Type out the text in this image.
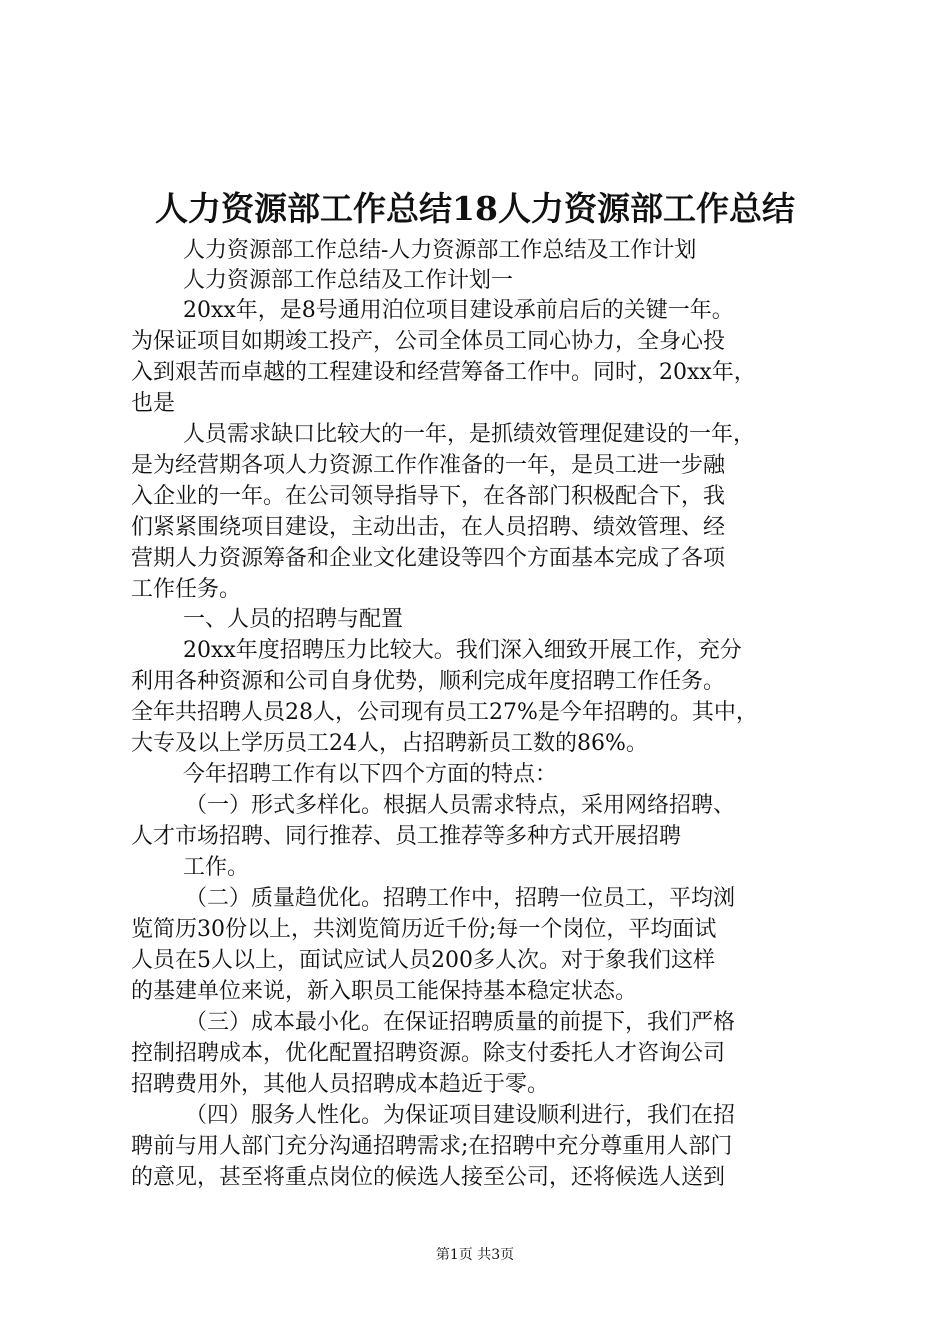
人力资源部工作总结18人力资源部工作总结
人力资源部工作总结-人力资源部工作总结及工作计划
人力资源部工作总结及工作计划一
20xx年，是8号通用泊位项目建设承前启后的关键一年。
为保证项目如期竣工投产，公司全体员工同心协力，全身心投
入到艰苦而卓越的工程建设和经营筹备工作中。同时，20xx年，
也是
人员需求缺口比较大的一年，是抓绩效管理促建设的一年，
是为经营期各项人力资源工作作准备的一年，是员工进一步融
入企业的一年。在公司领导指导下，在各部门积极配合下，我
们紧紧围绕项目建设，主动出击，在人员招聘、绩效管理、经
营期人力资源筹备和企业文化建设等四个方面基本完成了各项
工作任务。
一、人员的招聘与配置
20xx年度招聘压力比较大。我们深入细致开展工作，充分
利用各种资源和公司自身优势，顺利完成年度招聘工作任务。
全年共招聘人员28人，公司现有员工27%是今年招聘的。其中，
大专及以上学历员工24人，占招聘新员工数的86%。
今年招聘工作有以下四个方面的特点：
（一）形式多样化。根据人员需求特点，采用网络招聘、
人才市场招聘、同行推荐、员工推荐等多种方式开展招聘
工作。
（二）质量趋优化。招聘工作中，招聘一位员工，平均浏
览简历30份以上，共浏览简历近千份;每一个岗位，平均面试
人员在5人以上，面试应试人员200多人次。对于象我们这样
的基建单位来说，新入职员工能保持基本稳定状态。
（三）成本最小化。在保证招聘质量的前提下，我们严格
控制招聘成本，优化配置招聘资源。除支付委托人才咨询公司
招聘费用外，其他人员招聘成本趋近于零。
（四）服务人性化。为保证项目建设顺利进行，我们在招
聘前与用人部门充分沟通招聘需求;在招聘中充分尊重用人部门
的意见，甚至将重点岗位的候选人接至公司，还将候选人送到
第1页 共3页
